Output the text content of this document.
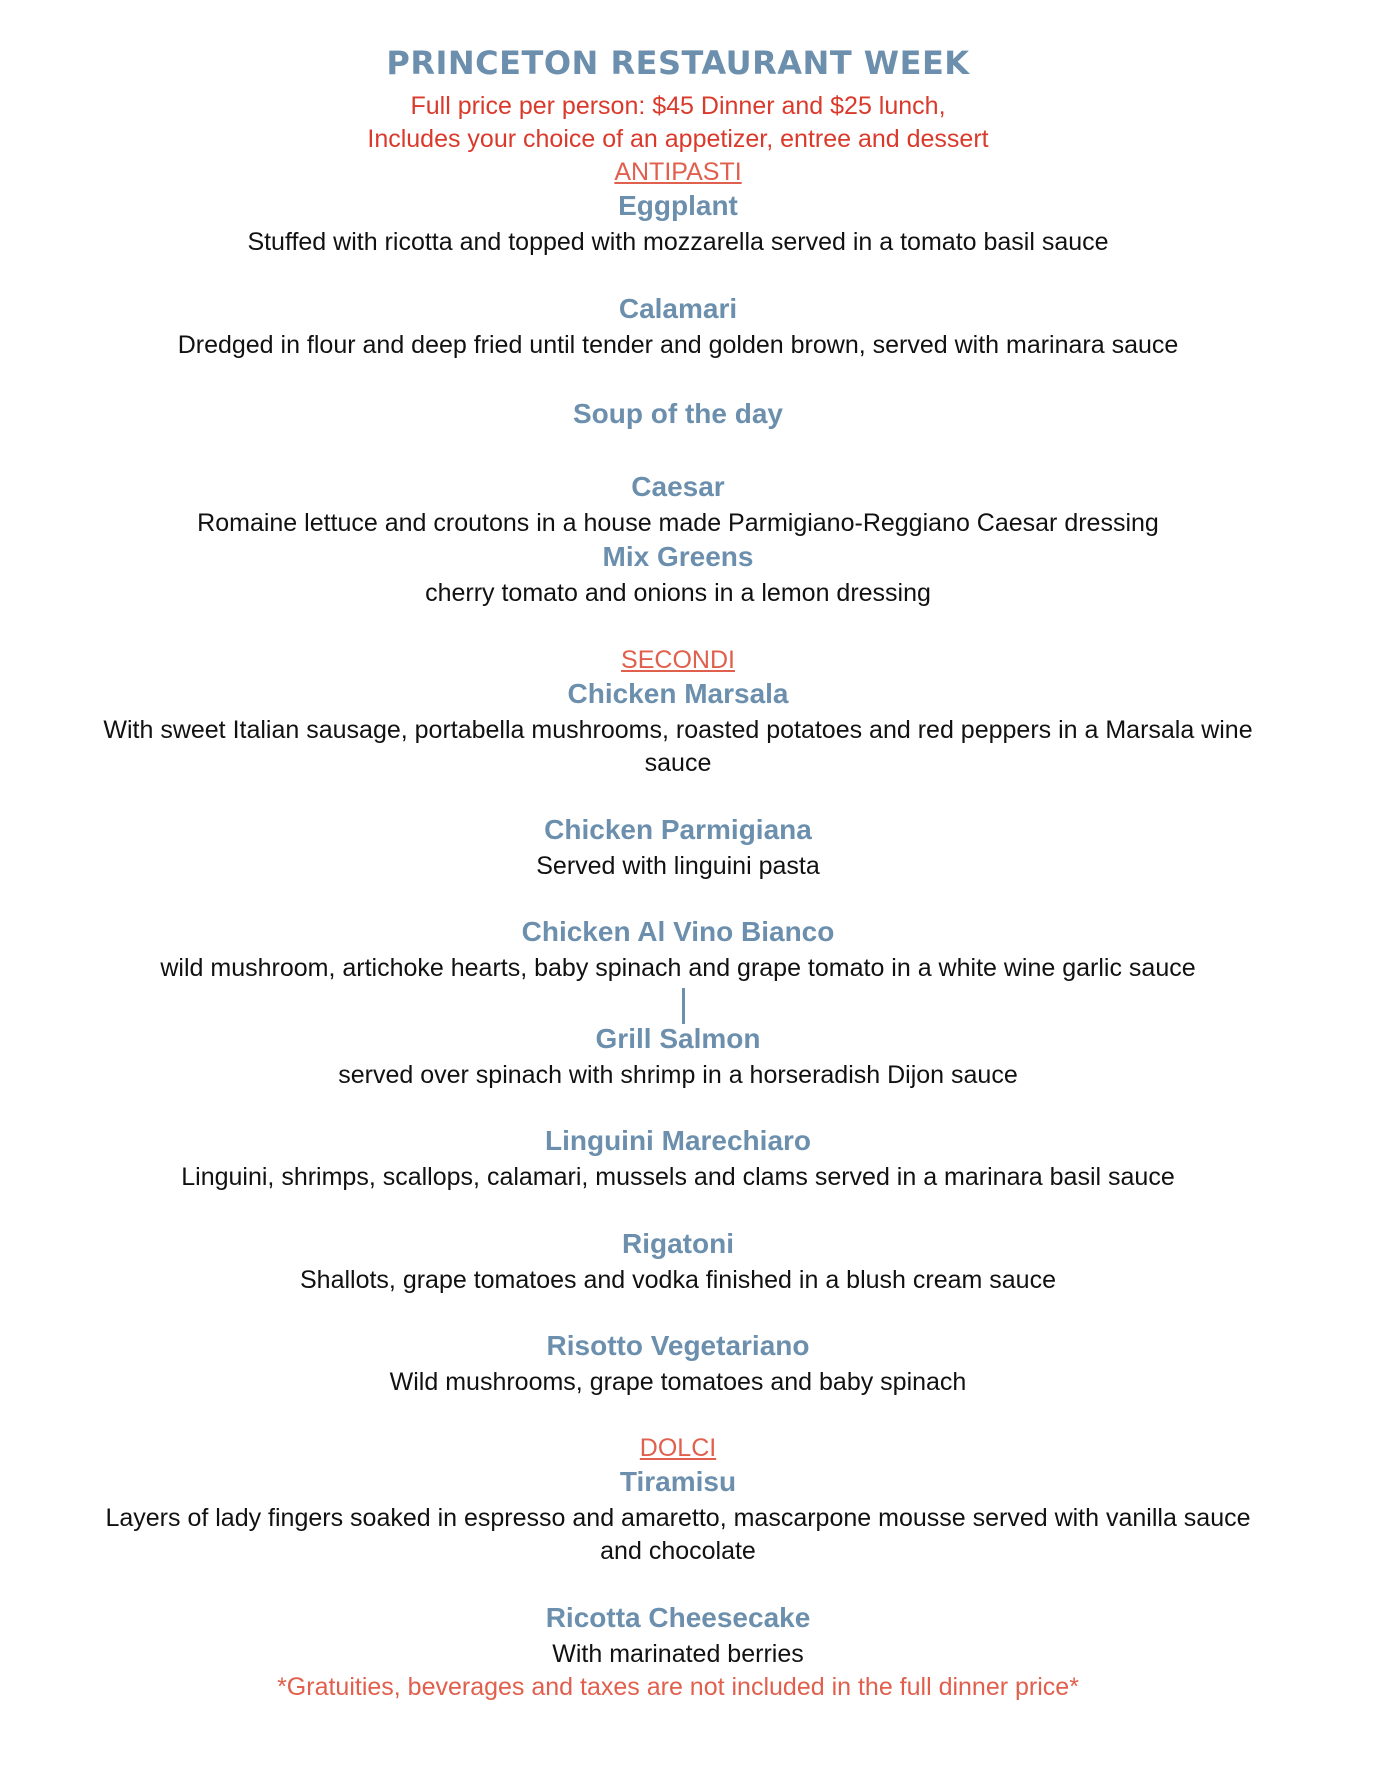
PRINCETON RESTAURANT WEEK
Full price per person: $45 Dinner and $25 lunch,
Includes your choice of an appetizer, entree and dessert
ANTIPASTI
Eggplant
Stuffed with ricotta and topped with mozzarella served in a tomato basil sauce
Calamari
Dredged in flour and deep fried until tender and golden brown, served with marinara sauce
Soup of the day
Caesar
Romaine lettuce and croutons in a house made Parmigiano-Reggiano Caesar dressing
Mix Greens
cherry tomato and onions in a lemon dressing
SECONDI
Chicken Marsala
With sweet Italian sausage, portabella mushrooms, roasted potatoes and red peppers in a Marsala wine
sauce
Chicken Parmigiana
Served with linguini pasta
Chicken Al Vino Bianco
wild mushroom, artichoke hearts, baby spinach and grape tomato in a white wine garlic sauce
Grill Salmon
served over spinach with shrimp in a horseradish Dijon sauce
Linguini Marechiaro
Linguini, shrimps, scallops, calamari, mussels and clams served in a marinara basil sauce
Rigatoni
Shallots, grape tomatoes and vodka finished in a blush cream sauce
Risotto Vegetariano
Wild mushrooms, grape tomatoes and baby spinach
DOLCI
Tiramisu
Layers of lady fingers soaked in espresso and amaretto, mascarpone mousse served with vanilla sauce
and chocolate
Ricotta Cheesecake
With marinated berries
*Gratuities, beverages and taxes are not included in the full dinner price*
